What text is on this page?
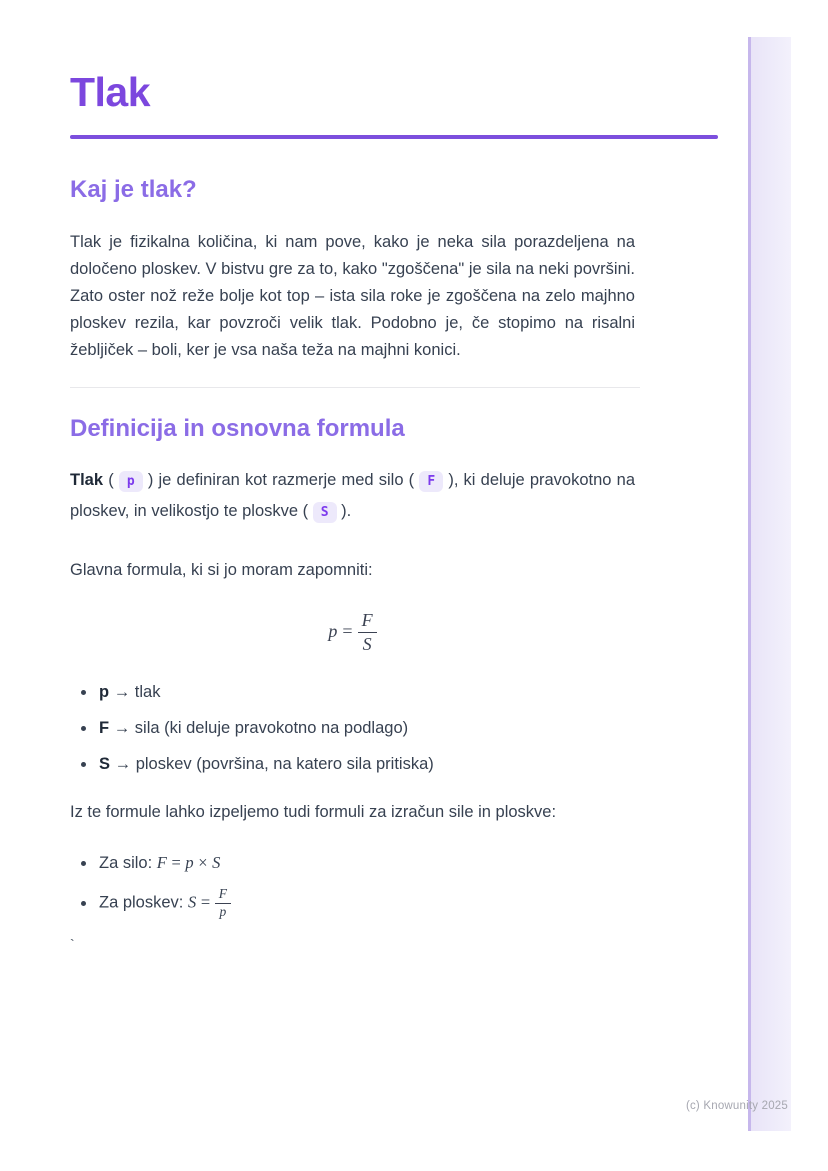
Tlak
Kaj je tlak?

Tlak je fizikalna količina, ki nam pove, kako je neka sila porazdeljena na določeno ploskev. V bistvu gre za to, kako "zgoščena" je sila na neki površini. Zato oster nož reže bolje kot top – ista sila roke je zgoščena na zelo majhno ploskev rezila, kar povzroči velik tlak. Podobno je, če stopimo na risalni žebljiček – boli, ker je vsa naša teža na majhni konici.

Definicija in osnovna formula

Tlak ( p ) je definiran kot razmerje med silo ( F ), ki deluje pravokotno na ploskev, in velikostjo te ploskve ( S ).

Glavna formula, ki si jo moram zapomniti:

$p = \frac{F}{S}$
• p → tlak
• F → sila (ki deluje pravokotno na podlago)
• S → ploskev (površina, na katero sila pritiska)

Iz te formule lahko izpeljemo tudi formuli za izračun sile in ploskve:

• Za silo: F = p × S
• Za ploskev: $S = \frac{F}{p}$

`

(c) Knowunity 2025
